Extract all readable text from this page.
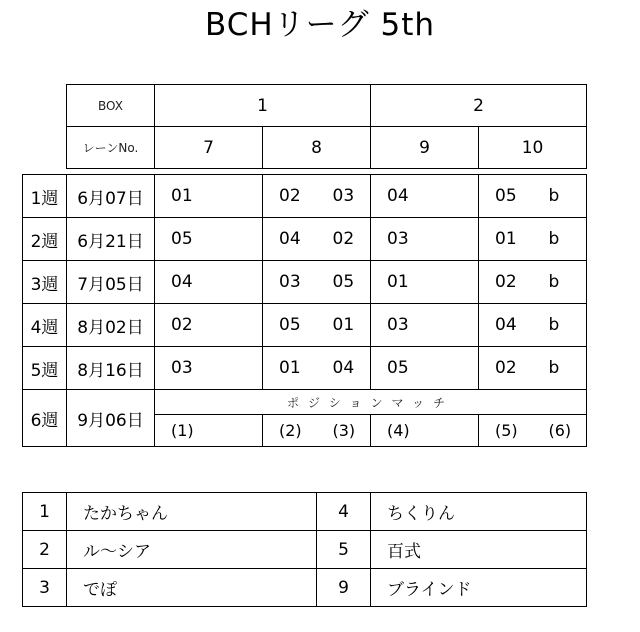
BCHリーグ 5th
BOX	1		2	
レーンNo.	7	8	9	10
1週	6月07日	01	02	03	04	05	b
2週	6月21日	05	04	02	03	01	b
3週	7月05日	04	03	05	01	02	b
4週	8月02日	02	05	01	03	04	b
5週	8月16日	03	01	04	05	02	b
6週	9月06日	ポジションマッチ					
		(1)	(2)	(3)	(4)	(5)	(6)
1	たかちゃん	4	ちくりん
2	ル～シア	5	百式
3	でぽ	9	ブラインド
